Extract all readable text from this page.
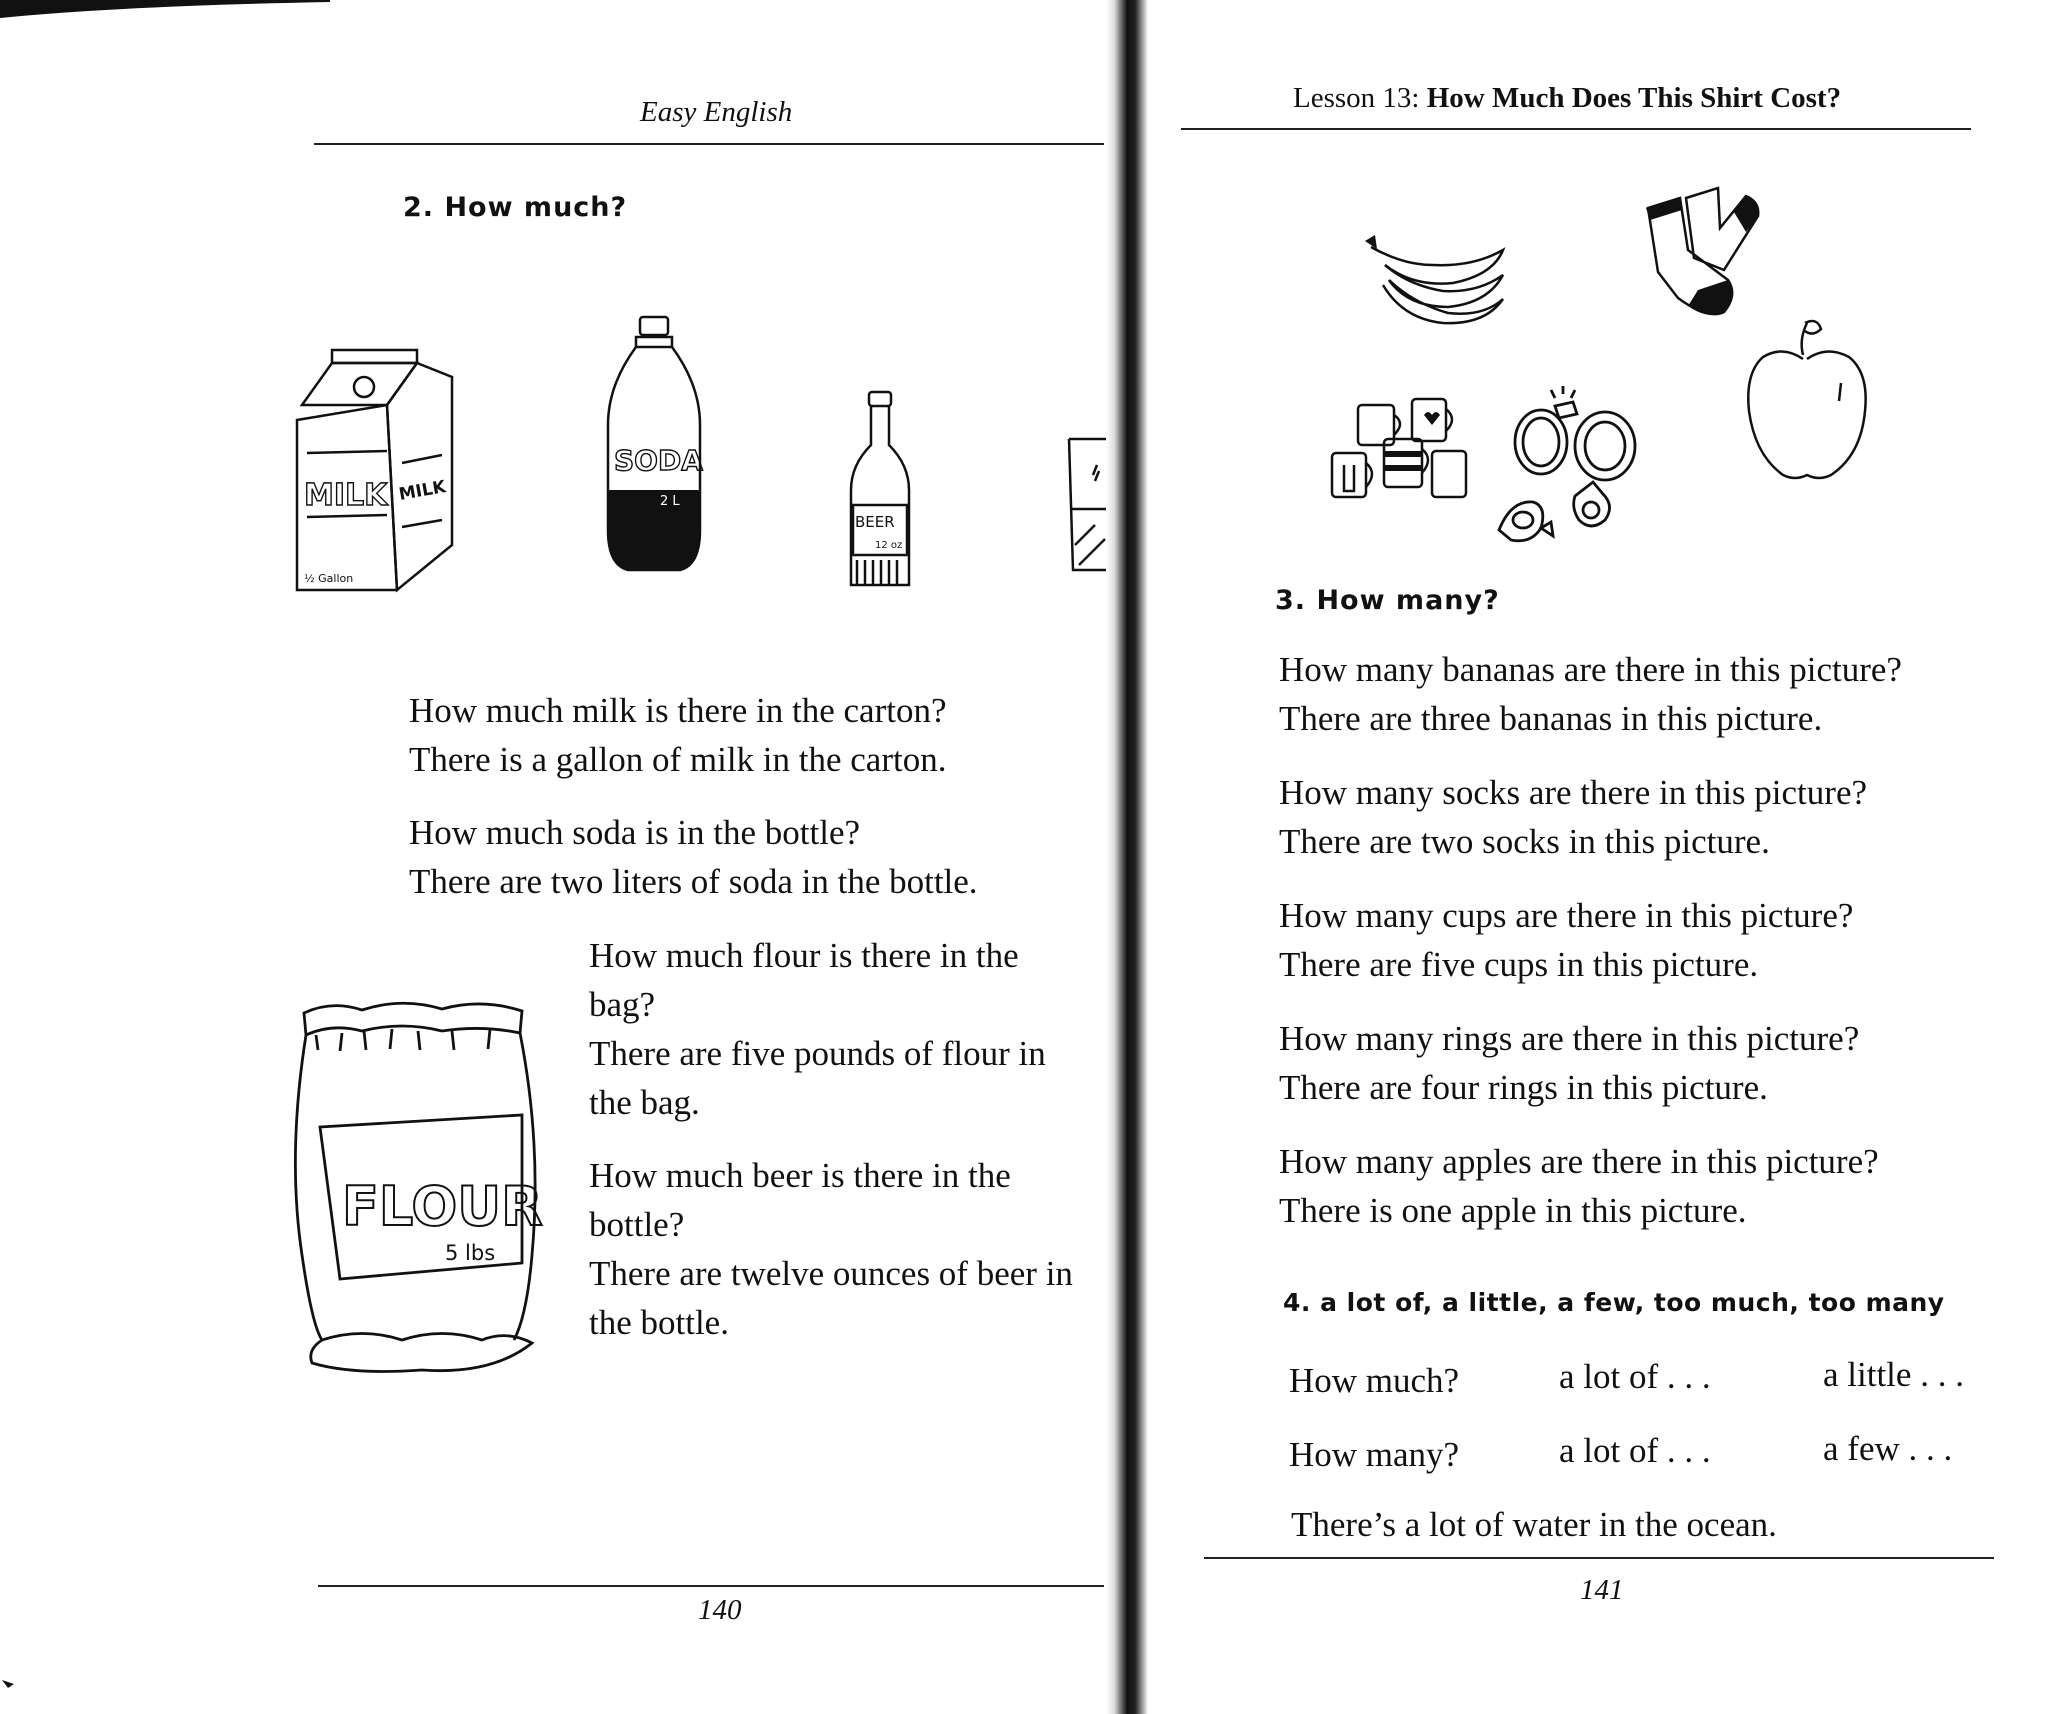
Easy English
2. How much?
MILK MILK
½ Gallon
SODA
2 L
BEER
12 oz
How much milk is there in the carton?
There is a gallon of milk in the carton.
How much soda is in the bottle?
There are two liters of soda in the bottle.
FLOUR
5 lbs
How much flour is there in the
bag?
There are five pounds of flour in
the bag.
How much beer is there in the
bottle?
There are twelve ounces of beer in
the bottle.
140
Lesson 13: How Much Does This Shirt Cost?
3. How many?
How many bananas are there in this picture?
There are three bananas in this picture.
How many socks are there in this picture?
There are two socks in this picture.
How many cups are there in this picture?
There are five cups in this picture.
How many rings are there in this picture?
There are four rings in this picture.
How many apples are there in this picture?
There is one apple in this picture.
4. a lot of, a little, a few, too much, too many
How much?	a lot of . . .	a little . . .
How many?	a lot of . . .	a few . . .
There’s a lot of water in the ocean.
141
